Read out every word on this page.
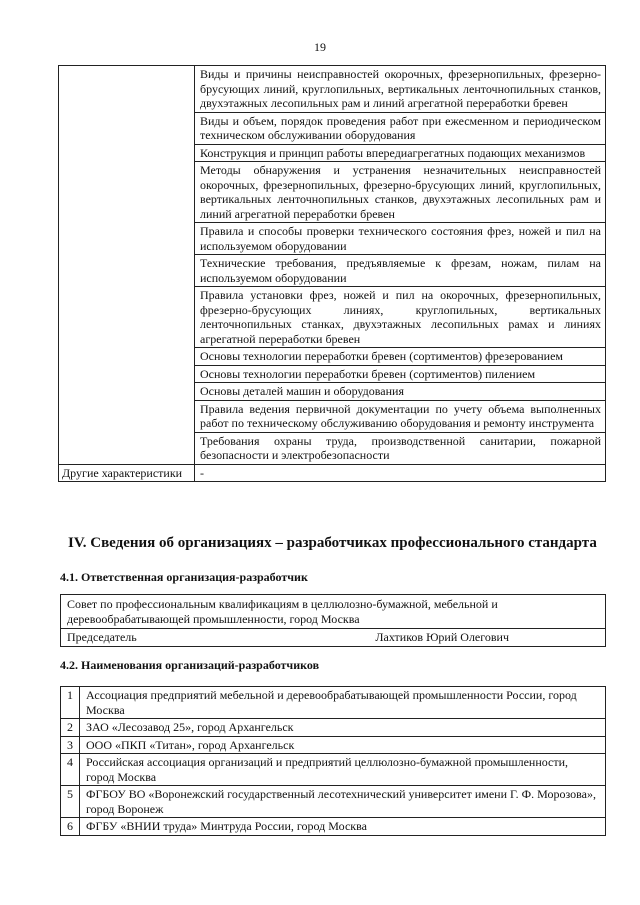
19
	Виды и причины неисправностей окорочных, фрезернопильных, фрезерно-брусующих линий, круглопильных, вертикальных ленточнопильных станков, двухэтажных лесопильных рам и линий агрегатной переработки бревен
	Виды и объем, порядок проведения работ при ежесменном и периодическом техническом обслуживании оборудования
	Конструкция и принцип работы впередиагрегатных подающих механизмов
	Методы обнаружения и устранения незначительных неисправностей окорочных, фрезернопильных, фрезерно-брусующих линий, круглопильных, вертикальных ленточнопильных станков, двухэтажных лесопильных рам и линий агрегатной переработки бревен
	Правила и способы проверки технического состояния фрез, ножей и пил на используемом оборудовании
	Технические требования, предъявляемые к фрезам, ножам, пилам на используемом оборудовании
	Правила установки фрез, ножей и пил на окорочных, фрезернопильных, фрезерно-брусующих линиях, круглопильных, вертикальных ленточнопильных станках, двухэтажных лесопильных рамах и линиях агрегатной переработки бревен
	Основы технологии переработки бревен (сортиментов) фрезерованием
	Основы технологии переработки бревен (сортиментов) пилением
	Основы деталей машин и оборудования
	Правила ведения первичной документации по учету объема выполненных работ по техническому обслуживанию оборудования и ремонту инструмента
	Требования охраны труда, производственной санитарии, пожарной безопасности и электробезопасности
Другие характеристики	-
IV. Сведения об организациях – разработчиках профессионального стандарта
4.1. Ответственная организация-разработчик
Совет по профессиональным квалификациям в целлюлозно-бумажной, мебельной и деревообрабатывающей промышленности, город Москва

Председатель	Лахтиков Юрий Олегович
4.2. Наименования организаций-разработчиков
1	Ассоциация предприятий мебельной и деревообрабатывающей промышленности России, город Москва
2	ЗАО «Лесозавод 25», город Архангельск
3	ООО «ПКП «Титан», город Архангельск
4	Российская ассоциация организаций и предприятий целлюлозно-бумажной промышленности, город Москва
5	ФГБОУ ВО «Воронежский государственный лесотехнический университет имени Г. Ф. Морозова», город Воронеж
6	ФГБУ «ВНИИ труда» Минтруда России, город Москва
